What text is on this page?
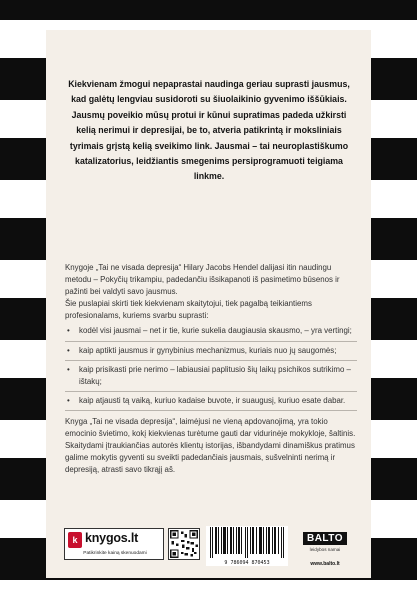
Kiekvienam žmogui nepaprastai naudinga geriau suprasti jausmus, kad galėtų lengviau susidoroti su šiuolaikinio gyvenimo iššūkiais. Jausmų poveikio mūsų protui ir kūnui supratimas padeda užkirsti kelią nerimui ir depresijai, be to, atveria patikrintą ir moksliniais tyrimais grįstą kelią sveikimo link. Jausmai – tai neuroplastiškumo katalizatorius, leidžiantis smegenims persiprogramuoti teigiama linkme.

Knygoje „Tai ne visada depresija“ Hilary Jacobs Hendel dalijasi itin naudingu metodu – Pokyčių trikampiu, padedančiu išsikapanoti iš pasimetimo būsenos ir pažinti bei valdyti savo jausmus.

Šie puslapiai skirti tiek kiekvienam skaitytojui, tiek pagalbą teikiantiems profesionalams, kuriems svarbu suprasti:

• kodėl visi jausmai – net ir tie, kurie sukelia daugiausia skausmo, – yra vertingi;
• kaip aptikti jausmus ir gynybinius mechanizmus, kuriais nuo jų saugomės;
• kaip prisikasti prie nerimo – labiausiai paplitusio šių laikų psichikos sutrikimo – ištakų;
• kaip atjausti tą vaiką, kuriuo kadaise buvote, ir suaugusį, kuriuo esate dabar.

Knyga „Tai ne visada depresija“, laimėjusi ne vieną apdovanojimą, yra tokio emocinio švietimo, kokį kiekvienas turėtume gauti dar vidurinėje mokykloje, šaltinis. Skaitydami įtraukiančias autorės klientų istorijas, išbandydami dinamiškus pratimus galime mokytis gyventi su sveikti padedančiais jausmais, sušvelninti nerimą ir depresiją, atrasti savo tikrąjį aš.

k knygos.lt
Patikrinkite kainą skenuodami
9 786094 870453
BALTO
leidybos namai
www.balto.lt
